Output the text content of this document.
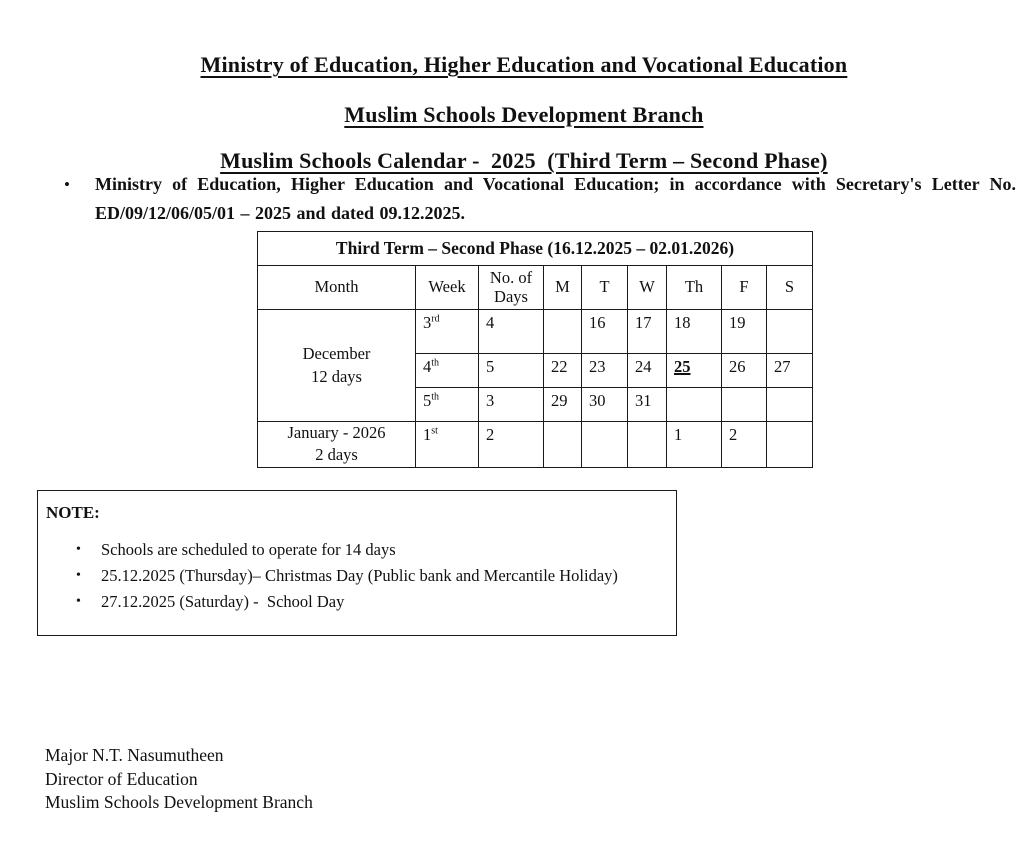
Ministry of Education, Higher Education and Vocational Education

Muslim Schools Development Branch

Muslim Schools Calendar -  2025  (Third Term – Second Phase)

• Ministry of Education, Higher Education and Vocational Education; in accordance with Secretary's Letter No. ED/09/12/06/05/01 – 2025 and dated 09.12.2025.
Third Term – Second Phase (16.12.2025 – 02.01.2026)								
Month	Week	No. of Days	M	T	W	Th	F	S

December
12 days	3rd	4		16	17	18	19	
	4th	5	22	23	24	25	26	27
	5th	3	29	30	31			

January - 2026
2 days	1st	2				1	2	
NOTE:
•	Schools are scheduled to operate for 14 days
•	25.12.2025 (Thursday)– Christmas Day (Public bank and Mercantile Holiday)
•	27.12.2025 (Saturday) -  School Day
Major N.T. Nasumutheen
Director of Education
Muslim Schools Development Branch
